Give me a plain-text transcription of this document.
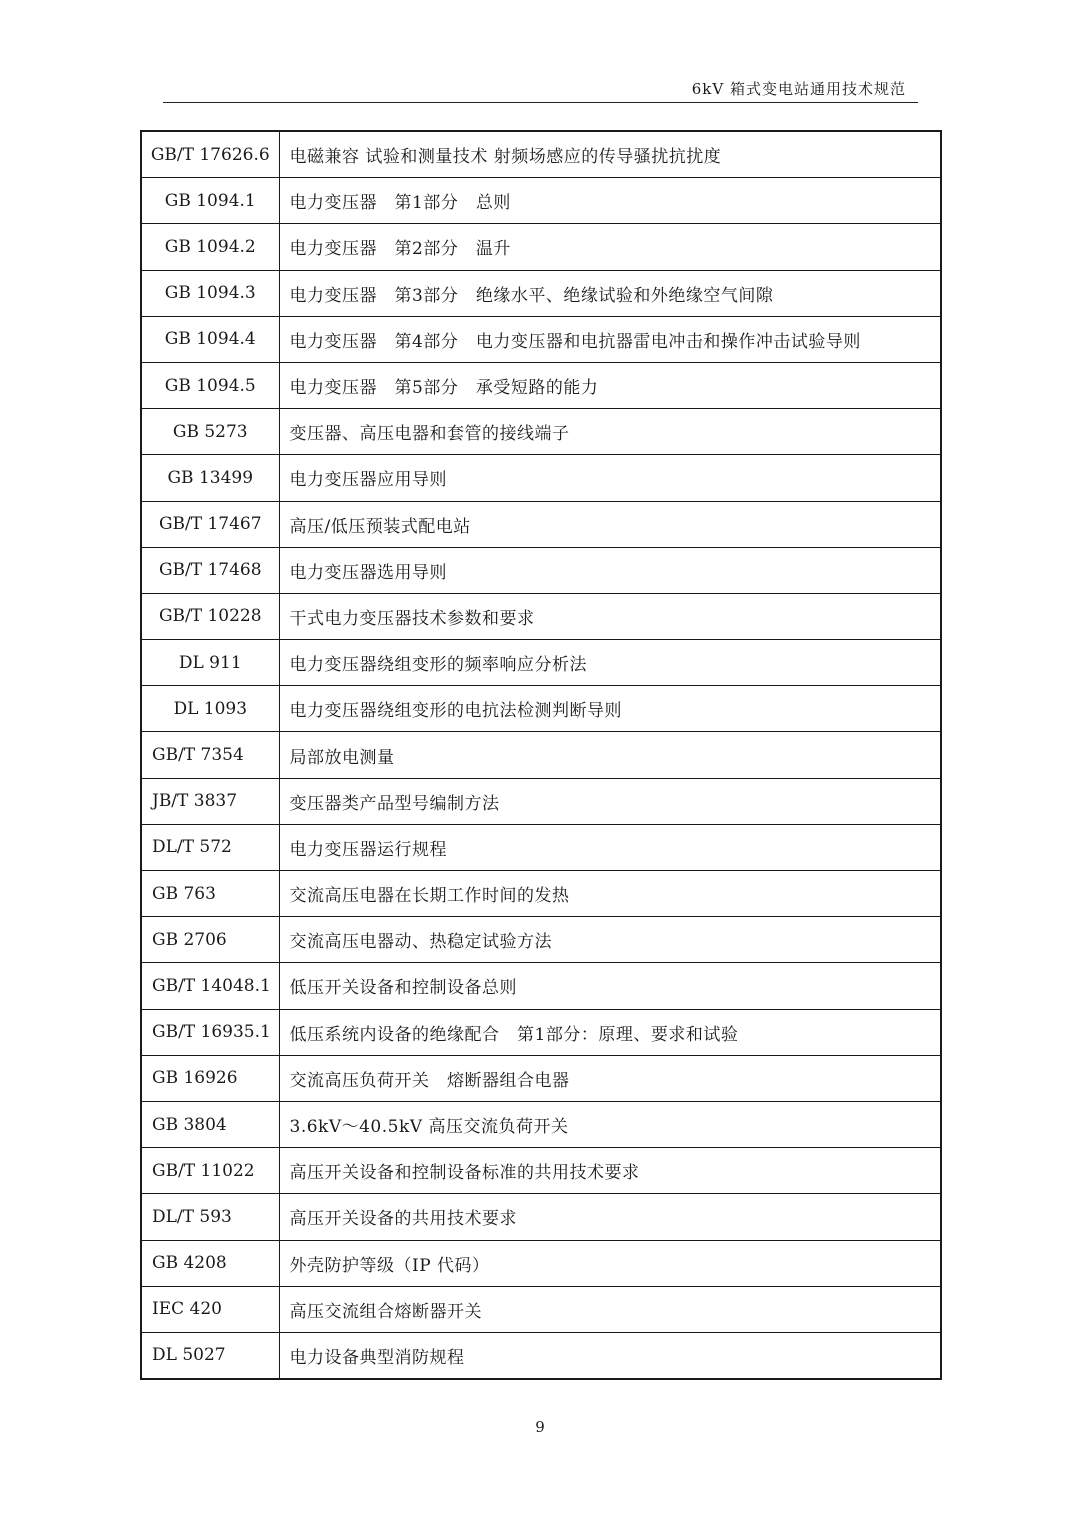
6kV 箱式变电站通用技术规范
GB/T 17626.6	电磁兼容 试验和测量技术 射频场感应的传导骚扰抗扰度
GB 1094.1	电力变压器　第1部分　总则
GB 1094.2	电力变压器　第2部分　温升
GB 1094.3	电力变压器　第3部分　绝缘水平、绝缘试验和外绝缘空气间隙
GB 1094.4	电力变压器　第4部分　电力变压器和电抗器雷电冲击和操作冲击试验导则
GB 1094.5	电力变压器　第5部分　承受短路的能力
GB 5273	变压器、高压电器和套管的接线端子
GB 13499	电力变压器应用导则
GB/T 17467	高压/低压预装式配电站
GB/T 17468	电力变压器选用导则
GB/T 10228	干式电力变压器技术参数和要求
DL 911	电力变压器绕组变形的频率响应分析法
DL 1093	电力变压器绕组变形的电抗法检测判断导则
GB/T 7354	局部放电测量
JB/T 3837	变压器类产品型号编制方法
DL/T 572	电力变压器运行规程
GB 763	交流高压电器在长期工作时间的发热
GB 2706	交流高压电器动、热稳定试验方法
GB/T 14048.1	低压开关设备和控制设备总则
GB/T 16935.1	低压系统内设备的绝缘配合　第1部分：原理、要求和试验
GB 16926	交流高压负荷开关　熔断器组合电器
GB 3804	3.6kV～40.5kV 高压交流负荷开关
GB/T 11022	高压开关设备和控制设备标准的共用技术要求
DL/T 593	高压开关设备的共用技术要求
GB 4208	外壳防护等级（IP 代码）
IEC 420	高压交流组合熔断器开关
DL 5027	电力设备典型消防规程
9
